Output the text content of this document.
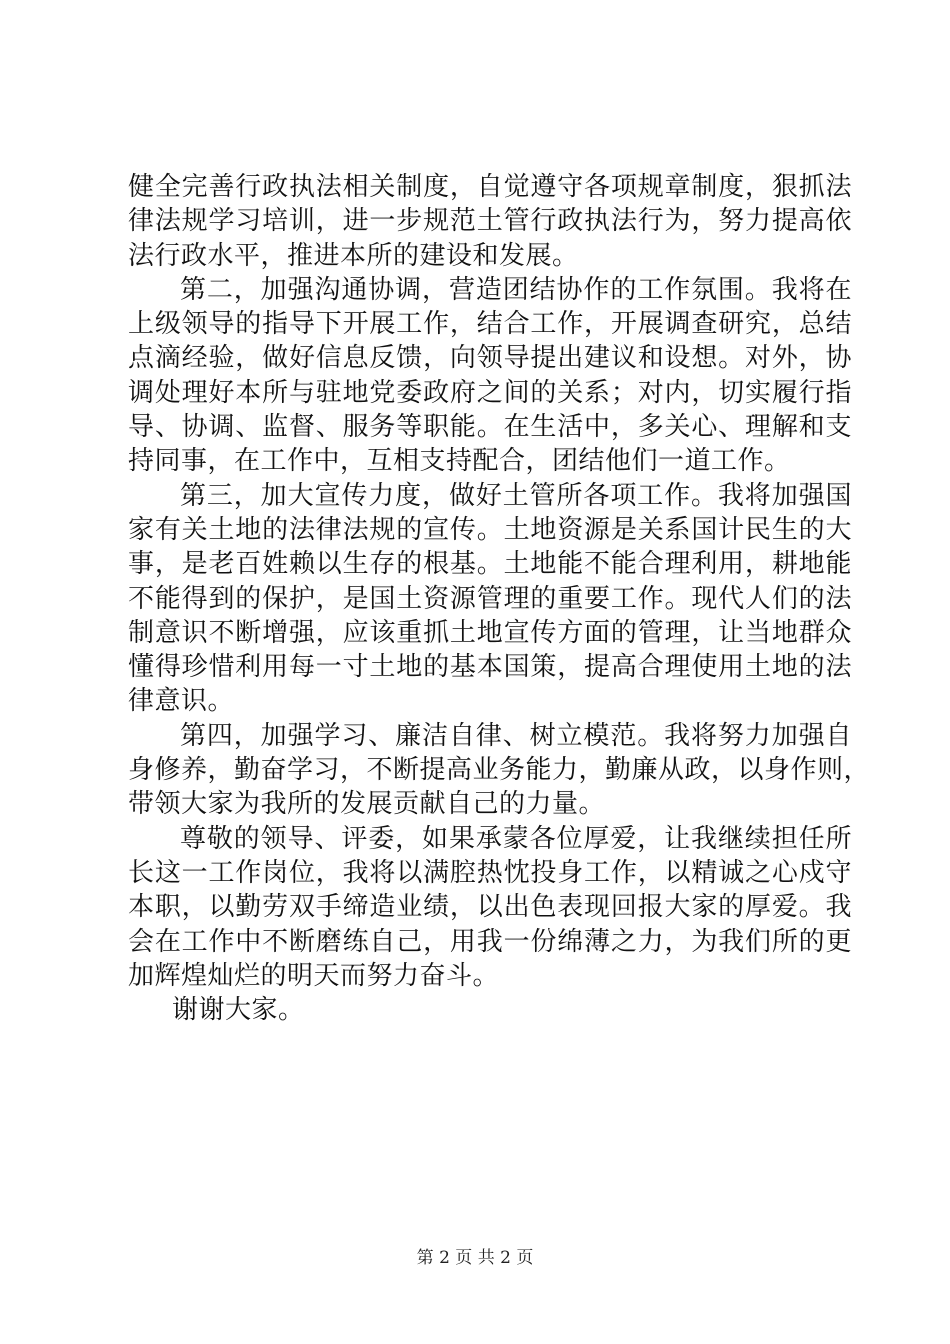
健全完善行政执法相关制度，自觉遵守各项规章制度，狠抓法
律法规学习培训，进一步规范土管行政执法行为，努力提高依
法行政水平，推进本所的建设和发展。

第二，加强沟通协调，营造团结协作的工作氛围。我将在
上级领导的指导下开展工作，结合工作，开展调查研究，总结
点滴经验，做好信息反馈，向领导提出建议和设想。对外，协
调处理好本所与驻地党委政府之间的关系；对内，切实履行指
导、协调、监督、服务等职能。在生活中，多关心、理解和支
持同事，在工作中，互相支持配合，团结他们一道工作。

第三，加大宣传力度，做好土管所各项工作。我将加强国
家有关土地的法律法规的宣传。土地资源是关系国计民生的大
事，是老百姓赖以生存的根基。土地能不能合理利用，耕地能
不能得到的保护，是国土资源管理的重要工作。现代人们的法
制意识不断增强，应该重抓土地宣传方面的管理，让当地群众
懂得珍惜利用每一寸土地的基本国策，提高合理使用土地的法
律意识。

第四，加强学习、廉洁自律、树立模范。我将努力加强自
身修养，勤奋学习，不断提高业务能力，勤廉从政，以身作则，
带领大家为我所的发展贡献自己的力量。

尊敬的领导、评委，如果承蒙各位厚爱，让我继续担任所
长这一工作岗位，我将以满腔热忱投身工作，以精诚之心戍守
本职，以勤劳双手缔造业绩，以出色表现回报大家的厚爱。我
会在工作中不断磨练自己，用我一份绵薄之力，为我们所的更
加辉煌灿烂的明天而努力奋斗。

谢谢大家。

第 2 页 共 2 页
